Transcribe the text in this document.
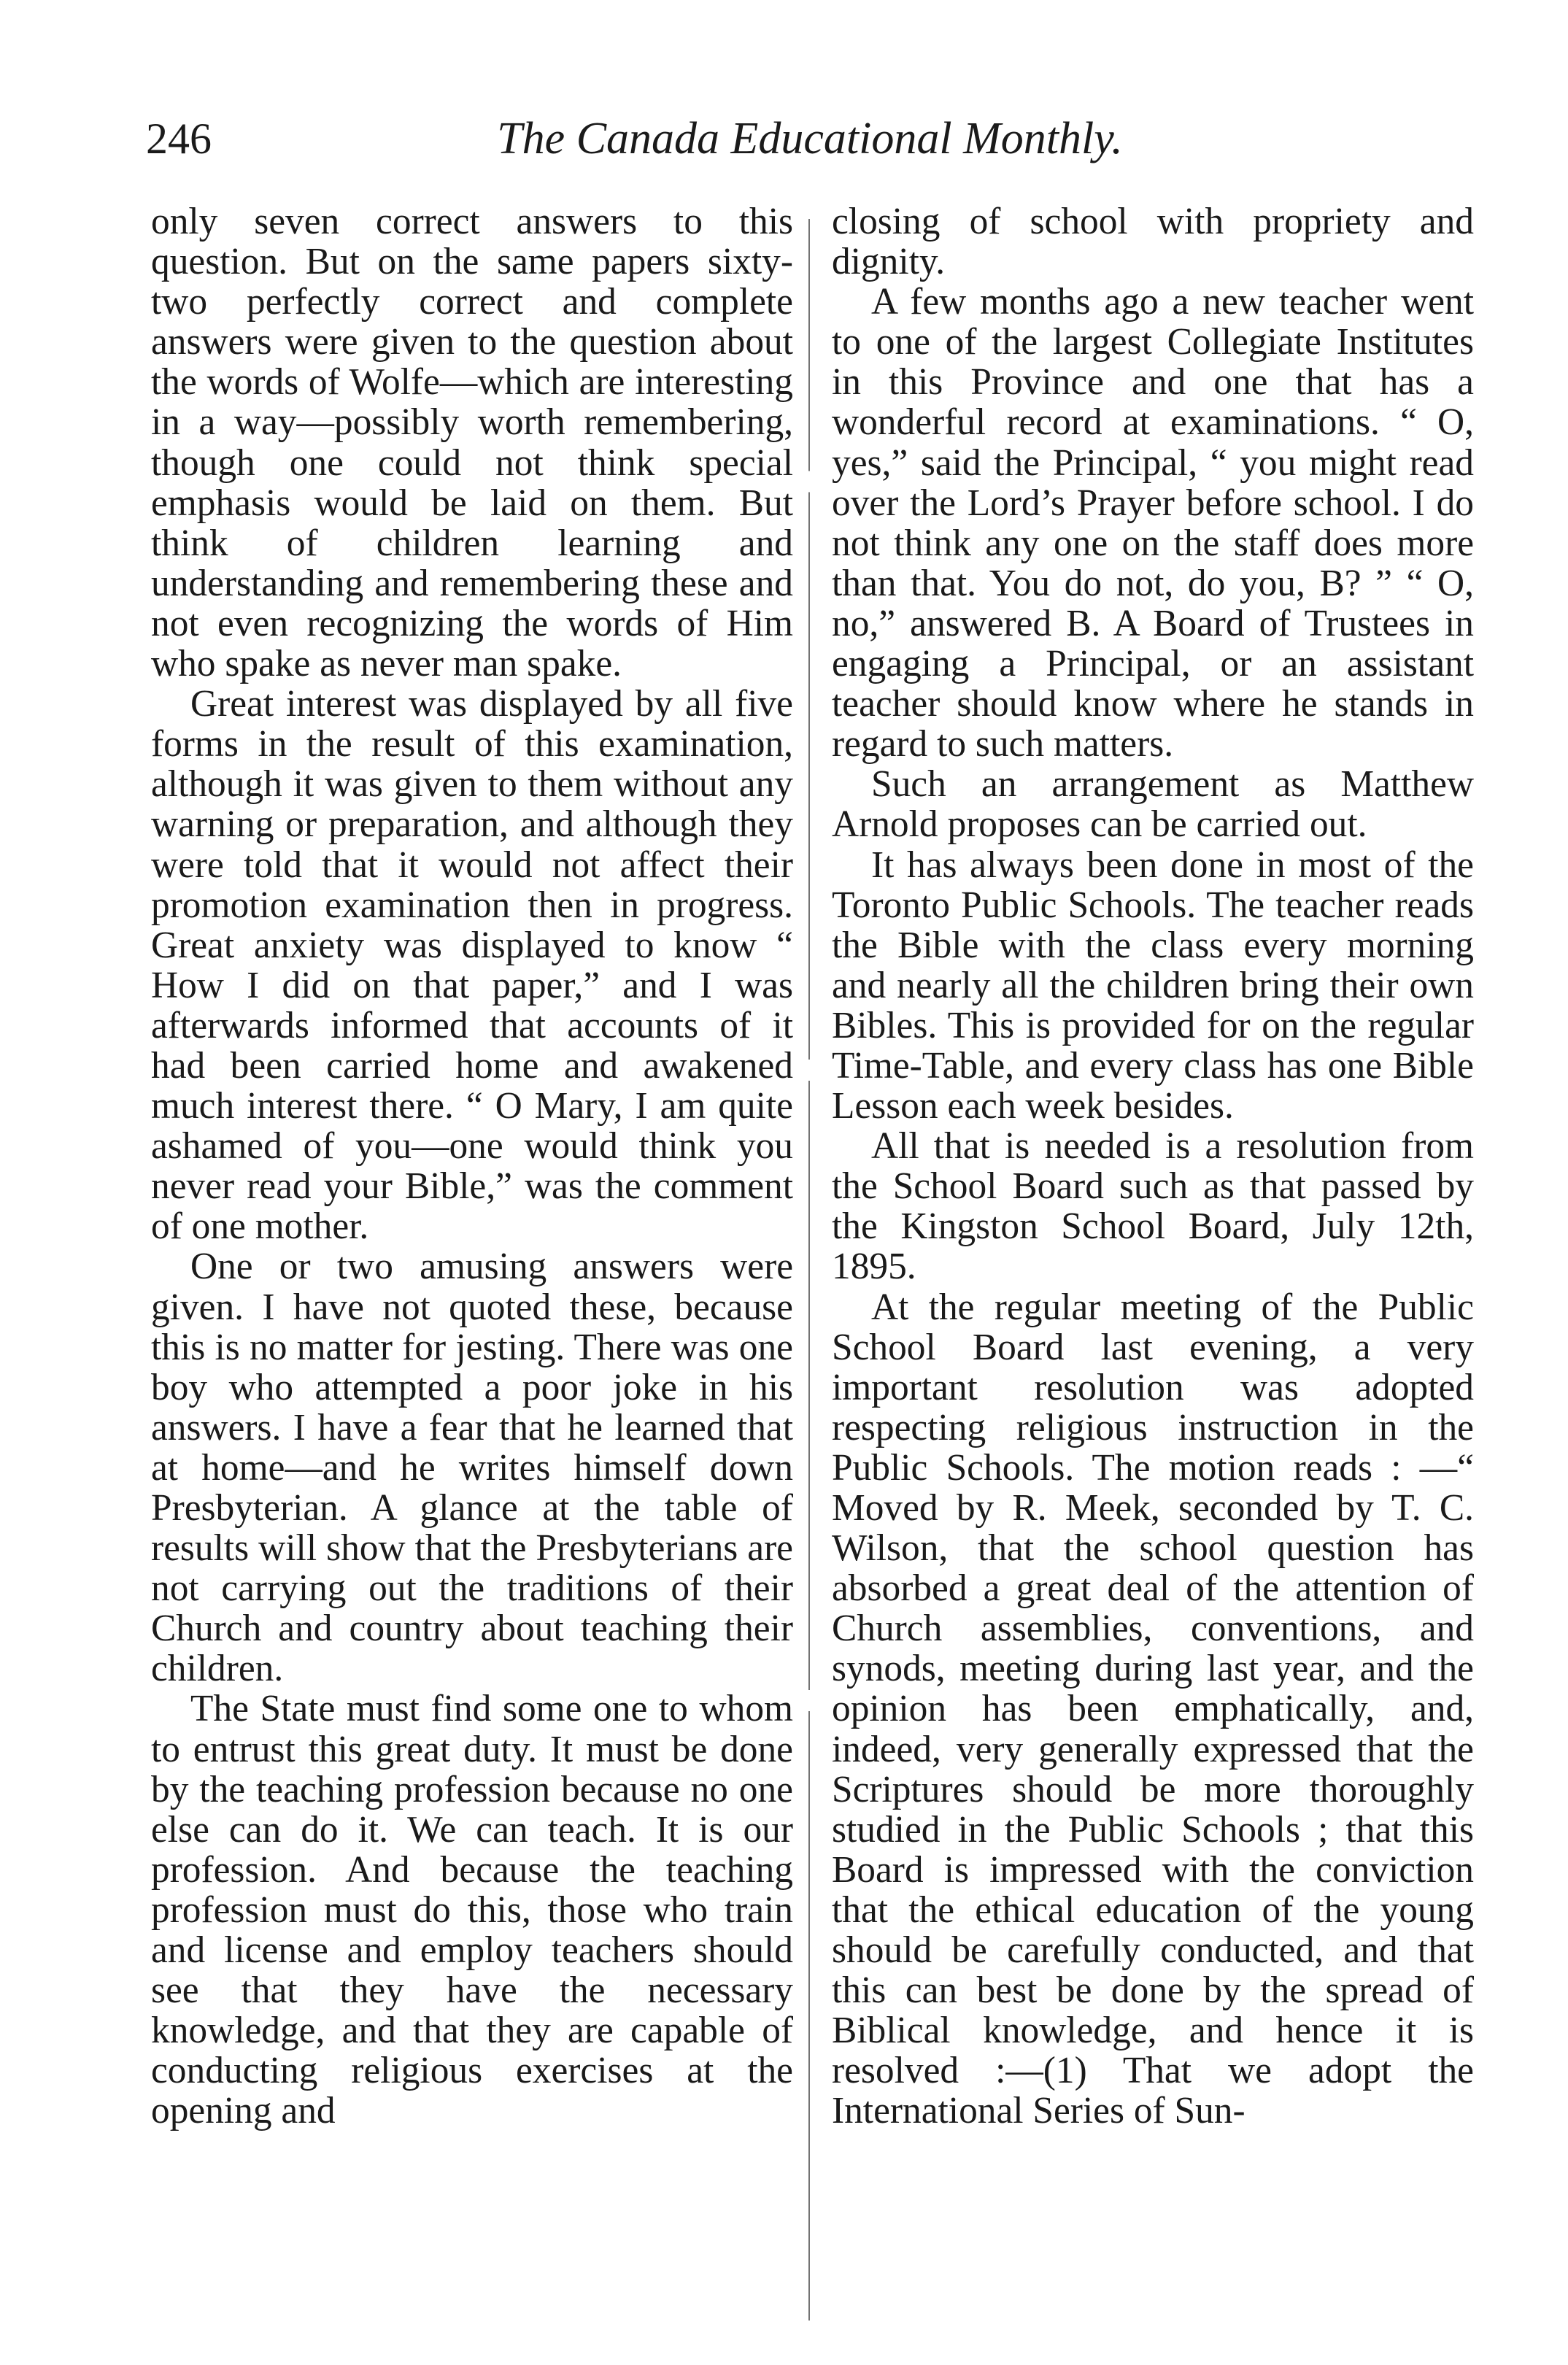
246	The Canada Educational Monthly.

only seven correct answers to this question. But on the same papers sixty-two perfectly correct and complete answers were given to the question about the words of Wolfe—which are interesting in a way—possibly worth remembering, though one could not think special emphasis would be laid on them. But think of children learning and understanding and remembering these and not even recognizing the words of Him who spake as never man spake.

Great interest was displayed by all five forms in the result of this examination, although it was given to them without any warning or preparation, and although they were told that it would not affect their promotion examination then in progress. Great anxiety was displayed to know “ How I did on that paper,” and I was afterwards informed that accounts of it had been carried home and awakened much interest there. “ O Mary, I am quite ashamed of you—one would think you never read your Bible,” was the comment of one mother.

One or two amusing answers were given. I have not quoted these, because this is no matter for jesting. There was one boy who attempted a poor joke in his answers. I have a fear that he learned that at home—and he writes himself down Presbyterian. A glance at the table of results will show that the Presbyterians are not carrying out the traditions of their Church and country about teaching their children.

The State must find some one to whom to entrust this great duty. It must be done by the teaching profession because no one else can do it. We can teach. It is our profession. And because the teaching profession must do this, those who train and license and employ teachers should see that they have the necessary knowledge, and that they are capable of conducting religious exercises at the opening and

closing of school with propriety and dignity.

A few months ago a new teacher went to one of the largest Collegiate Institutes in this Province and one that has a wonderful record at examinations. “ O, yes,” said the Principal, “ you might read over the Lord’s Prayer before school. I do not think any one on the staff does more than that. You do not, do you, B? ” “ O, no,” answered B. A Board of Trustees in engaging a Principal, or an assistant teacher should know where he stands in regard to such matters.

Such an arrangement as Matthew Arnold proposes can be carried out.

It has always been done in most of the Toronto Public Schools. The teacher reads the Bible with the class every morning and nearly all the children bring their own Bibles. This is provided for on the regular Time-Table, and every class has one Bible Lesson each week besides.

All that is needed is a resolution from the School Board such as that passed by the Kingston School Board, July 12th, 1895.

At the regular meeting of the Public School Board last evening, a very important resolution was adopted respecting religious instruction in the Public Schools. The motion reads : —“ Moved by R. Meek, seconded by T. C. Wilson, that the school question has absorbed a great deal of the attention of Church assemblies, conventions, and synods, meeting during last year, and the opinion has been emphatically, and, indeed, very generally expressed that the Scriptures should be more thoroughly studied in the Public Schools ; that this Board is impressed with the conviction that the ethical education of the young should be carefully conducted, and that this can best be done by the spread of Biblical knowledge, and hence it is resolved :—(1) That we adopt the International Series of Sun-
